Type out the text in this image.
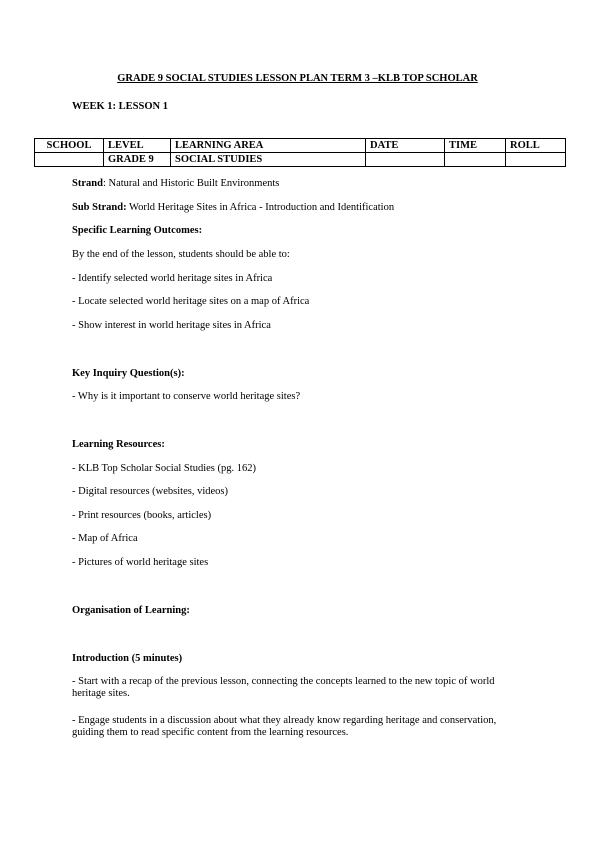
GRADE 9 SOCIAL STUDIES LESSON PLAN TERM 3 –KLB TOP SCHOLAR
WEEK 1: LESSON 1
SCHOOL	LEVEL	LEARNING AREA	DATE	TIME	ROLL
	GRADE 9	SOCIAL STUDIES			
Strand: Natural and Historic Built Environments
Sub Strand: World Heritage Sites in Africa - Introduction and Identification
Specific Learning Outcomes:
By the end of the lesson, students should be able to:
- Identify selected world heritage sites in Africa
- Locate selected world heritage sites on a map of Africa
- Show interest in world heritage sites in Africa
Key Inquiry Question(s):
- Why is it important to conserve world heritage sites?
Learning Resources:
- KLB Top Scholar Social Studies (pg. 162)
- Digital resources (websites, videos)
- Print resources (books, articles)
- Map of Africa
- Pictures of world heritage sites
Organisation of Learning:
Introduction (5 minutes)
- Start with a recap of the previous lesson, connecting the concepts learned to the new topic of world heritage sites.
- Engage students in a discussion about what they already know regarding heritage and conservation, guiding them to read specific content from the learning resources.
